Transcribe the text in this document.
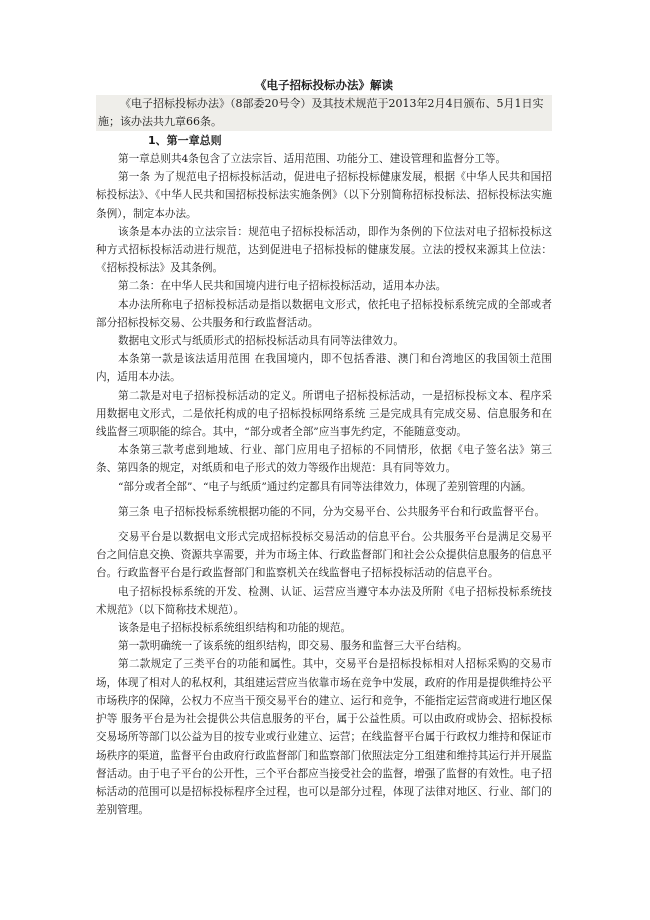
《电子招标投标办法》解读

《电子招标投标办法》（8部委20号令）及其技术规范于2013年2月4日颁布、5月1日实施；该办法共九章66条。

1、第一章总则

第一章总则共4条包含了立法宗旨、适用范围、功能分工、建设管理和监督分工等。

第一条 为了规范电子招标投标活动，促进电子招标投标健康发展，根据《中华人民共和国招标投标法》、《中华人民共和国招标投标法实施条例》（以下分别简称招标投标法、招标投标法实施条例），制定本办法。

该条是本办法的立法宗旨：规范电子招标投标活动，即作为条例的下位法对电子招标投标这种方式招标投标活动进行规范，达到促进电子招标投标的健康发展。立法的授权来源其上位法：《招标投标法》及其条例。

第二条：在中华人民共和国境内进行电子招标投标活动，适用本办法。

本办法所称电子招标投标活动是指以数据电文形式，依托电子招标投标系统完成的全部或者部分招标投标交易、公共服务和行政监督活动。

数据电文形式与纸质形式的招标投标活动具有同等法律效力。

本条第一款是该法适用范围 在我国境内，即不包括香港、澳门和台湾地区的我国领土范围内，适用本办法。

第二款是对电子招标投标活动的定义。所谓电子招标投标活动，一是招标投标文本、程序采用数据电文形式，二是依托构成的电子招标投标网络系统 三是完成具有完成交易、信息服务和在线监督三项职能的综合。其中，“部分或者全部”应当事先约定，不能随意变动。

本条第三款考虑到地域、行业、部门应用电子招标的不同情形，依据《电子签名法》第三条、第四条的规定，对纸质和电子形式的效力等级作出规范：具有同等效力。

“部分或者全部”、“电子与纸质”通过约定都具有同等法律效力，体现了差别管理的内涵。

第三条 电子招标投标系统根据功能的不同，分为交易平台、公共服务平台和行政监督平台。

交易平台是以数据电文形式完成招标投标交易活动的信息平台。公共服务平台是满足交易平台之间信息交换、资源共享需要，并为市场主体、行政监督部门和社会公众提供信息服务的信息平台。行政监督平台是行政监督部门和监察机关在线监督电子招标投标活动的信息平台。

电子招标投标系统的开发、检测、认证、运营应当遵守本办法及所附《电子招标投标系统技术规范》（以下简称技术规范）。

该条是电子招标投标系统组织结构和功能的规范。

第一款明确统一了该系统的组织结构，即交易、服务和监督三大平台结构。

第二款规定了三类平台的功能和属性。其中，交易平台是招标投标相对人招标采购的交易市场，体现了相对人的私权利，其组建运营应当依靠市场在竞争中发展，政府的作用是提供维持公平市场秩序的保障，公权力不应当干预交易平台的建立、运行和竞争，不能指定运营商或进行地区保护等 服务平台是为社会提供公共信息服务的平台，属于公益性质。可以由政府或协会、招标投标交易场所等部门以公益为目的按专业或行业建立、运营；在线监督平台属于行政权力维持和保证市场秩序的渠道，监督平台由政府行政监督部门和监察部门依照法定分工组建和维持其运行并开展监督活动。由于电子平台的公开性，三个平台都应当接受社会的监督，增强了监督的有效性。电子招标活动的范围可以是招标投标程序全过程，也可以是部分过程，体现了法律对地区、行业、部门的差别管理。
